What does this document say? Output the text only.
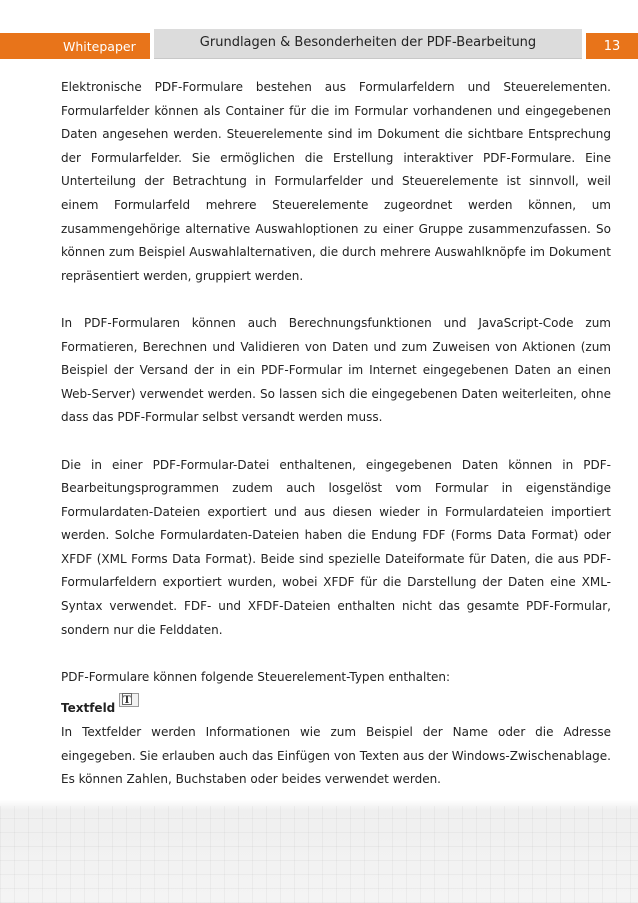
Whitepaper	Grundlagen & Besonderheiten der PDF-Bearbeitung	13

Elektronische PDF-Formulare bestehen aus Formularfeldern und Steuerelementen. Formularfelder können als Container für die im Formular vorhandenen und eingegebenen Daten angesehen werden. Steuerelemente sind im Dokument die sichtbare Entsprechung der Formularfelder. Sie ermöglichen die Erstellung interaktiver PDF-Formulare. Eine Unterteilung der Betrachtung in Formularfelder und Steuerelemente ist sinnvoll, weil einem Formularfeld mehrere Steuerelemente zugeordnet werden können, um zusammengehörige alternative Auswahloptionen zu einer Gruppe zusammenzufassen. So können zum Beispiel Auswahlalternativen, die durch mehrere Auswahlknöpfe im Dokument repräsentiert werden, gruppiert werden.

In PDF-Formularen können auch Berechnungsfunktionen und JavaScript-Code zum Formatieren, Berechnen und Validieren von Daten und zum Zuweisen von Aktionen (zum Beispiel der Versand der in ein PDF-Formular im Internet eingegebenen Daten an einen Web-Server) verwendet werden. So lassen sich die eingegebenen Daten weiterleiten, ohne dass das PDF-Formular selbst versandt werden muss.

Die in einer PDF-Formular-Datei enthaltenen, eingegebenen Daten können in PDF-Bearbeitungsprogrammen zudem auch losgelöst vom Formular in eigenständige Formulardaten-Dateien exportiert und aus diesen wieder in Formulardateien importiert werden. Solche Formulardaten-Dateien haben die Endung FDF (Forms Data Format) oder XFDF (XML Forms Data Format). Beide sind spezielle Dateiformate für Daten, die aus PDF-Formularfeldern exportiert wurden, wobei XFDF für die Darstellung der Daten eine XML-Syntax verwendet. FDF- und XFDF-Dateien enthalten nicht das gesamte PDF-Formular, sondern nur die Felddaten.

PDF-Formulare können folgende Steuerelement-Typen enthalten:

Textfeld
T

In Textfelder werden Informationen wie zum Beispiel der Name oder die Adresse eingegeben. Sie erlauben auch das Einfügen von Texten aus der Windows-Zwischenablage. Es können Zahlen, Buchstaben oder beides verwendet werden.
